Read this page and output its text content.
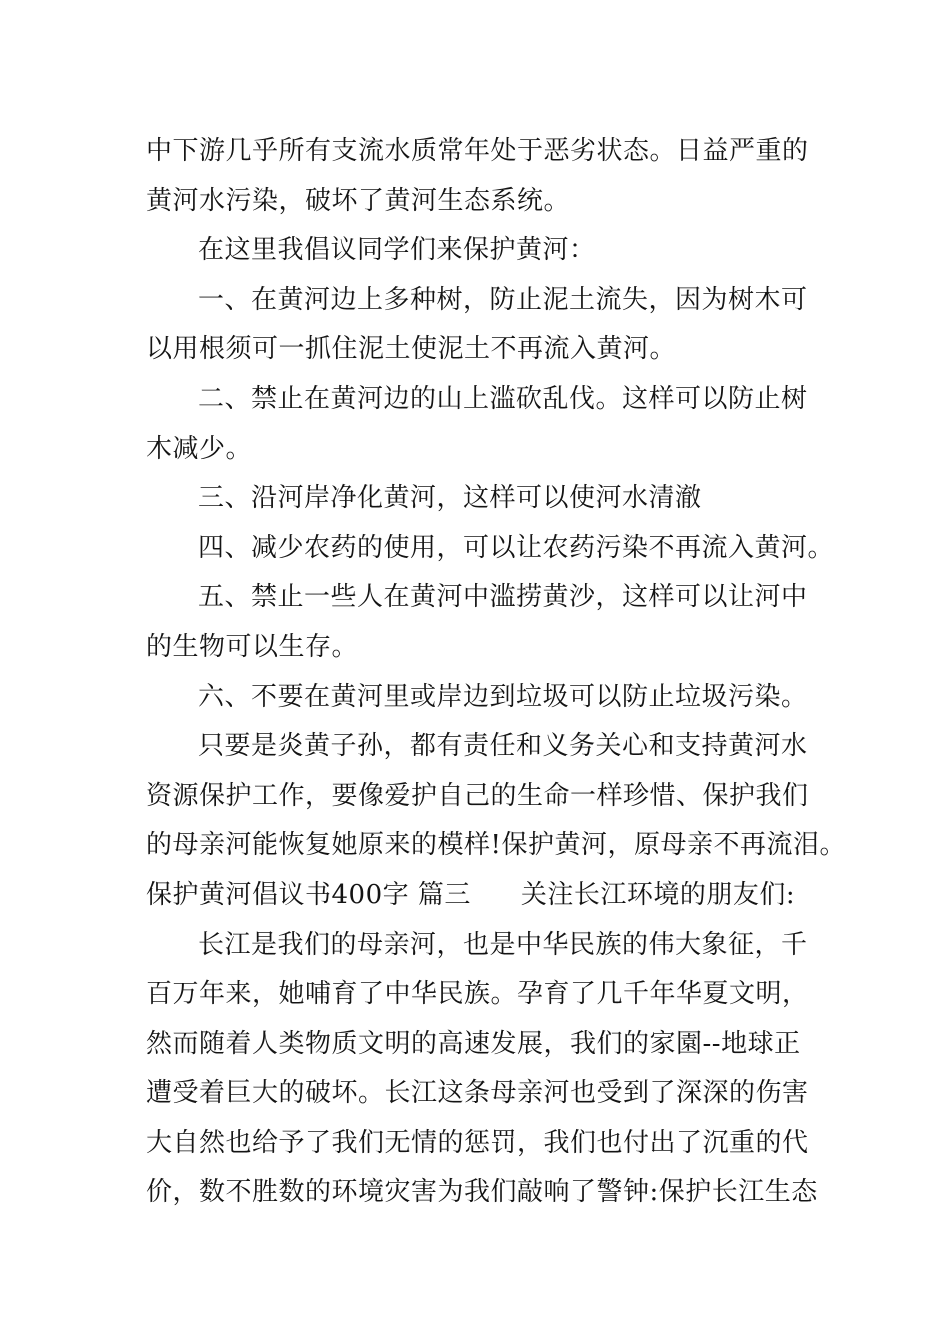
中下游几乎所有支流水质常年处于恶劣状态。日益严重的
黄河水污染，破坏了黄河生态系统。
在这里我倡议同学们来保护黄河：
一、在黄河边上多种树，防止泥土流失，因为树木可
以用根须可一抓住泥土使泥土不再流入黄河。
二、禁止在黄河边的山上滥砍乱伐。这样可以防止树
木减少。
三、沿河岸净化黄河，这样可以使河水清澈
四、减少农药的使用，可以让农药污染不再流入黄河。
五、禁止一些人在黄河中滥捞黄沙，这样可以让河中
的生物可以生存。
六、不要在黄河里或岸边到垃圾可以防止垃圾污染。
只要是炎黄子孙，都有责任和义务关心和支持黄河水
资源保护工作，要像爱护自己的生命一样珍惜、保护我们
的母亲河能恢复她原来的模样!保护黄河，原母亲不再流泪。
保护黄河倡议书400字 篇三 关注长江环境的朋友们:
长江是我们的母亲河，也是中华民族的伟大象征，千
百万年来，她哺育了中华民族。孕育了几千年华夏文明，
然而随着人类物质文明的高速发展，我们的家園--地球正
遭受着巨大的破坏。长江这条母亲河也受到了深深的伤害
大自然也给予了我们无情的惩罚，我们也付出了沉重的代
价，数不胜数的环境灾害为我们敲响了警钟:保护长江生态
